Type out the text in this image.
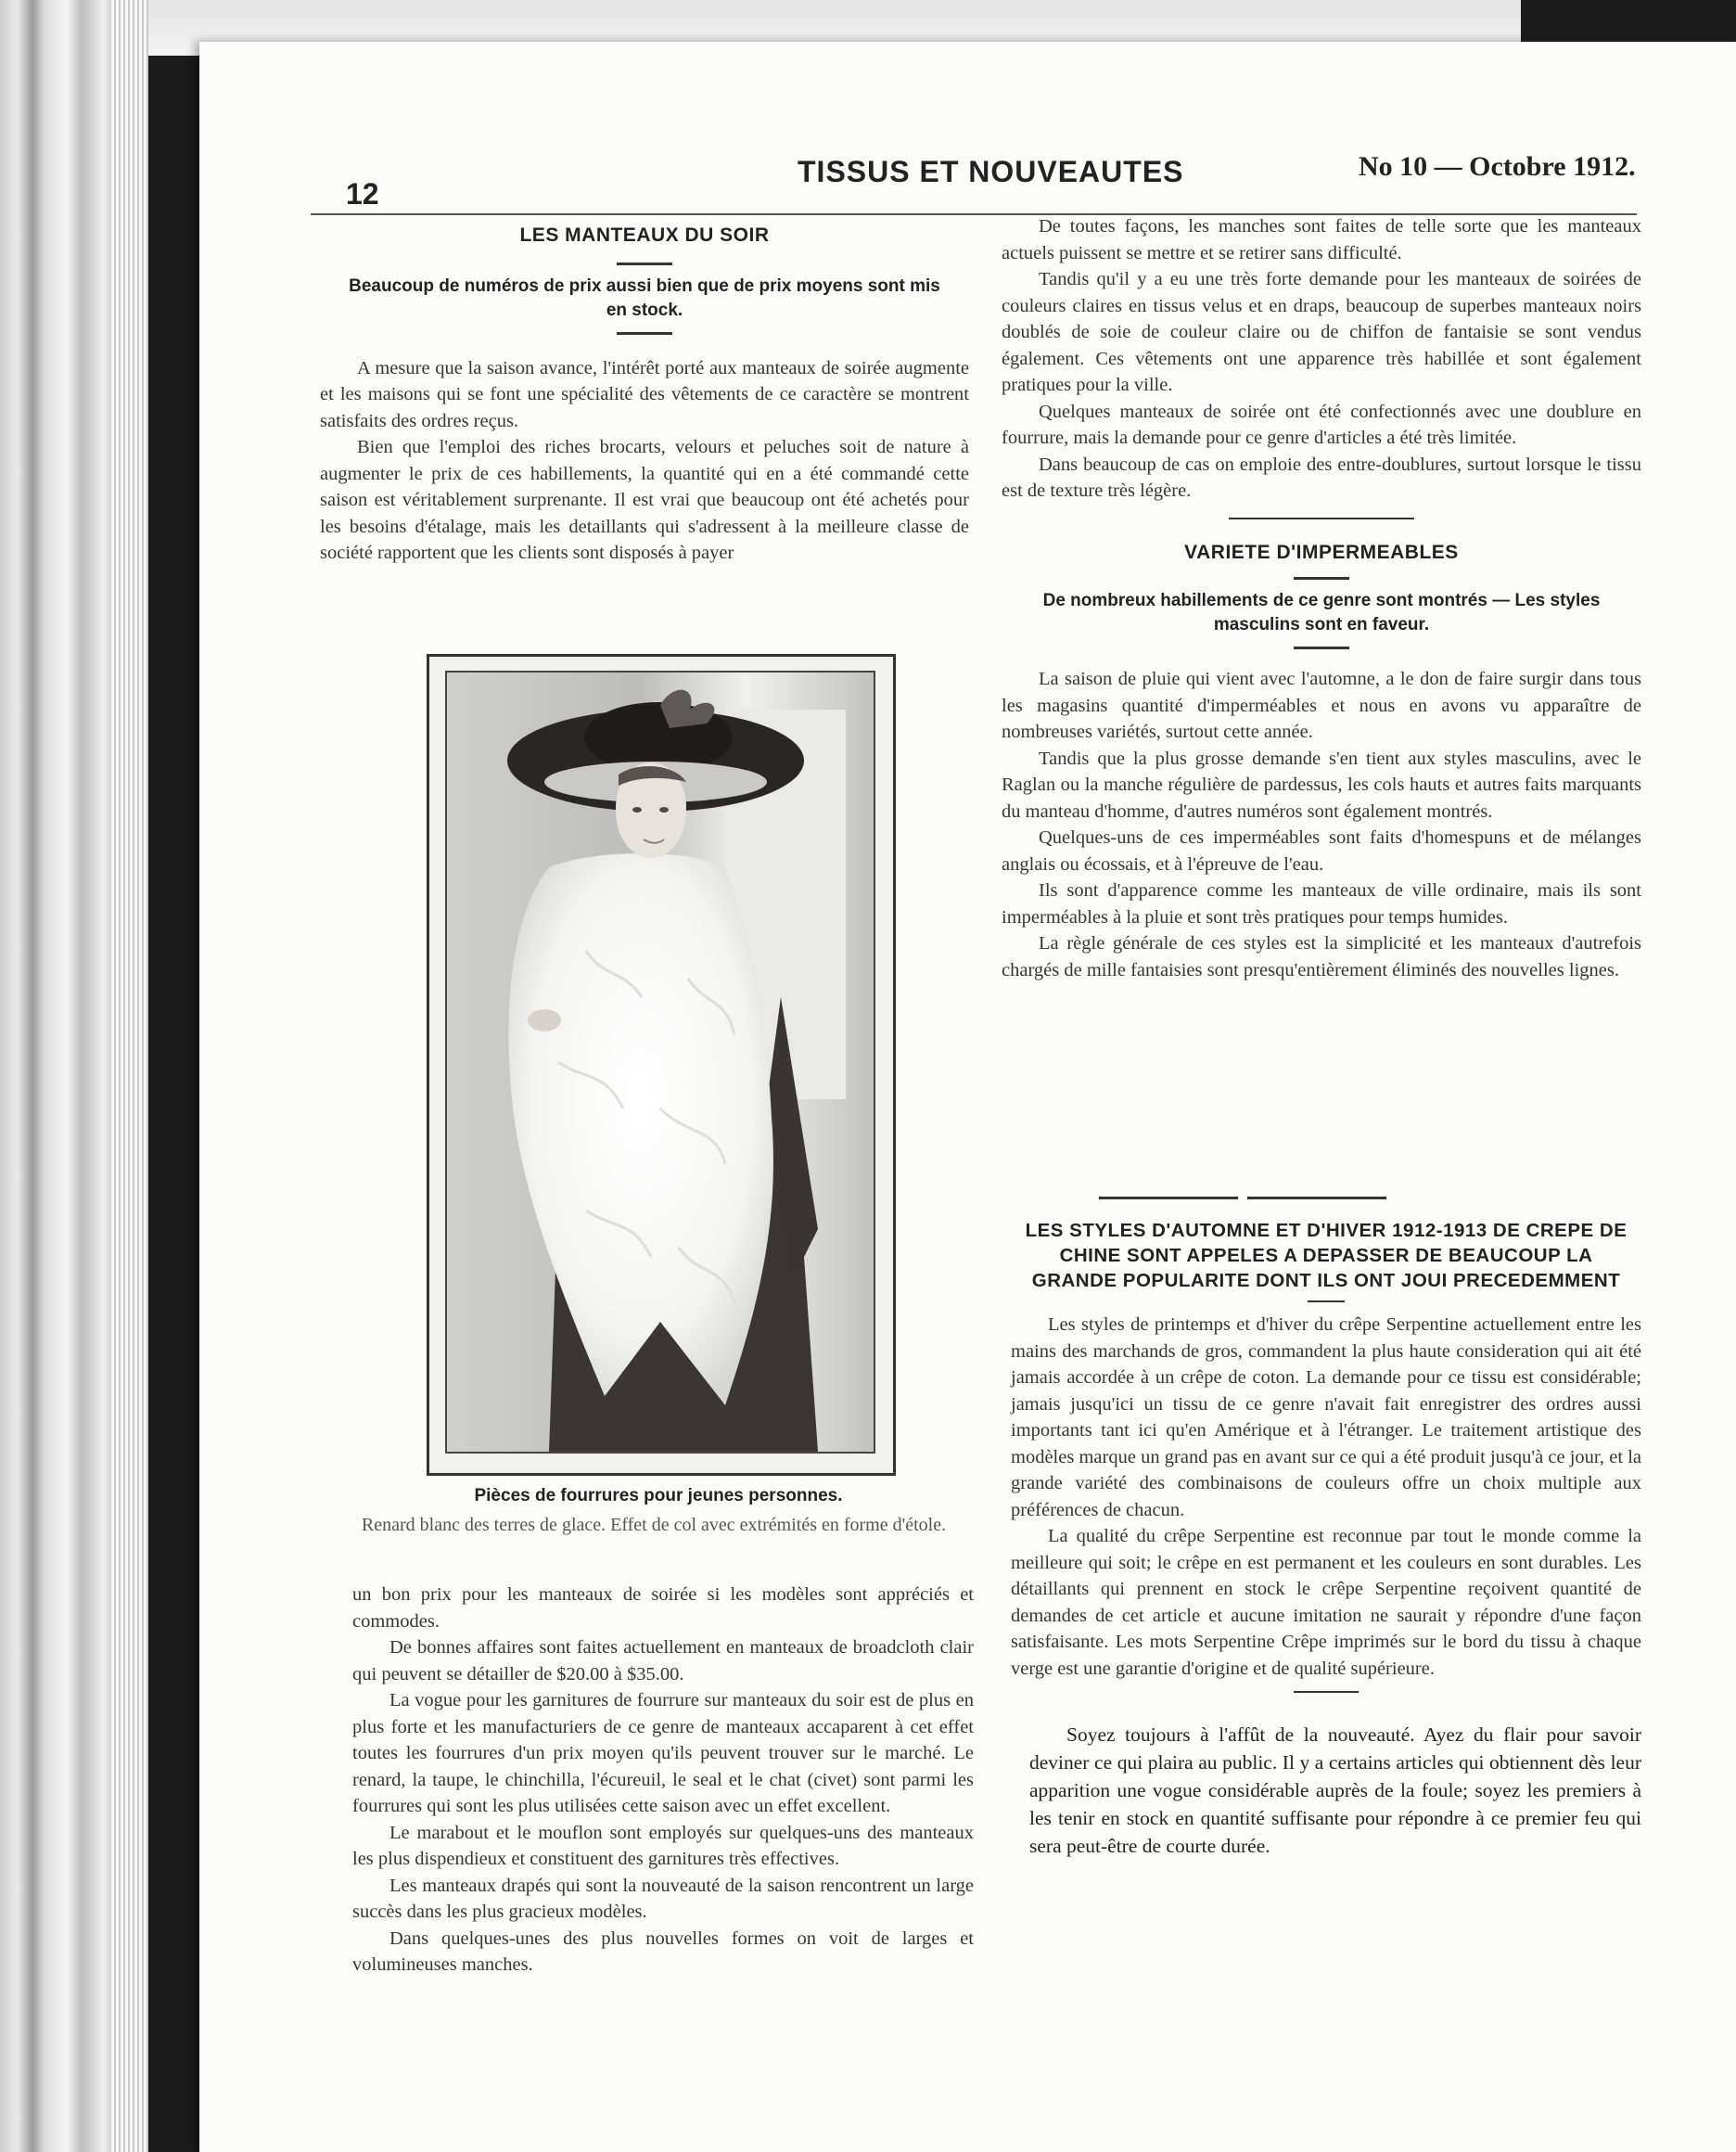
12
TISSUS ET NOUVEAUTES	No 10 — Octobre 1912.
LES MANTEAUX DU SOIR
Beaucoup de numéros de prix aussi bien que de prix moyens sont mis en stock.

A mesure que la saison avance, l'intérêt porté aux manteaux de soirée augmente et les maisons qui se font une spécialité des vêtements de ce caractère se montrent satisfaits des ordres reçus.

Bien que l'emploi des riches brocarts, velours et peluches soit de nature à augmenter le prix de ces habillements, la quantité qui en a été commandé cette saison est véritablement surprenante. Il est vrai que beaucoup ont été achetés pour les besoins d'étalage, mais les detaillants qui s'adressent à la meilleure classe de société rapportent que les clients sont disposés à payer

Pièces de fourrures pour jeunes personnes.
Renard blanc des terres de glace. Effet de col avec extrémités en forme d'étole.

un bon prix pour les manteaux de soirée si les modèles sont appréciés et commodes.

De bonnes affaires sont faites actuellement en manteaux de broadcloth clair qui peuvent se détailler de $20.00 à $35.00.

La vogue pour les garnitures de fourrure sur manteaux du soir est de plus en plus forte et les manufacturiers de ce genre de manteaux accaparent à cet effet toutes les fourrures d'un prix moyen qu'ils peuvent trouver sur le marché. Le renard, la taupe, le chinchilla, l'écureuil, le seal et le chat (civet) sont parmi les fourrures qui sont les plus utilisées cette saison avec un effet excellent.

Le marabout et le mouflon sont employés sur quelques-uns des manteaux les plus dispendieux et constituent des garnitures très effectives.

Les manteaux drapés qui sont la nouveauté de la saison rencontrent un large succès dans les plus gracieux modèles.

Dans quelques-unes des plus nouvelles formes on voit de larges et volumineuses manches.

De toutes façons, les manches sont faites de telle sorte que les manteaux actuels puissent se mettre et se retirer sans difficulté.

Tandis qu'il y a eu une très forte demande pour les manteaux de soirées de couleurs claires en tissus velus et en draps, beaucoup de superbes manteaux noirs doublés de soie de couleur claire ou de chiffon de fantaisie se sont vendus également. Ces vêtements ont une apparence très habillée et sont également pratiques pour la ville.

Quelques manteaux de soirée ont été confectionnés avec une doublure en fourrure, mais la demande pour ce genre d'articles a été très limitée.

Dans beaucoup de cas on emploie des entre-doublures, surtout lorsque le tissu est de texture très légère.

VARIETE D'IMPERMEABLES
De nombreux habillements de ce genre sont montrés — Les styles masculins sont en faveur.

La saison de pluie qui vient avec l'automne, a le don de faire surgir dans tous les magasins quantité d'imperméables et nous en avons vu apparaître de nombreuses variétés, surtout cette année.

Tandis que la plus grosse demande s'en tient aux styles masculins, avec le Raglan ou la manche régulière de pardessus, les cols hauts et autres faits marquants du manteau d'homme, d'autres numéros sont également montrés.

Quelques-uns de ces imperméables sont faits d'homespuns et de mélanges anglais ou écossais, et à l'épreuve de l'eau.

Ils sont d'apparence comme les manteaux de ville ordinaire, mais ils sont imperméables à la pluie et sont très pratiques pour temps humides.

La règle générale de ces styles est la simplicité et les manteaux d'autrefois chargés de mille fantaisies sont presqu'entièrement éliminés des nouvelles lignes.

LES STYLES D'AUTOMNE ET D'HIVER 1912-1913 DE CREPE DE CHINE SONT APPELES A DEPASSER DE BEAUCOUP LA GRANDE POPULARITE DONT ILS ONT JOUI PRECEDEMMENT

Les styles de printemps et d'hiver du crêpe Serpentine actuellement entre les mains des marchands de gros, commandent la plus haute consideration qui ait été jamais accordée à un crêpe de coton. La demande pour ce tissu est considérable; jamais jusqu'ici un tissu de ce genre n'avait fait enregistrer des ordres aussi importants tant ici qu'en Amérique et à l'étranger. Le traitement artistique des modèles marque un grand pas en avant sur ce qui a été produit jusqu'à ce jour, et la grande variété des combinaisons de couleurs offre un choix multiple aux préférences de chacun.

La qualité du crêpe Serpentine est reconnue par tout le monde comme la meilleure qui soit; le crêpe en est permanent et les couleurs en sont durables. Les détaillants qui prennent en stock le crêpe Serpentine reçoivent quantité de demandes de cet article et aucune imitation ne saurait y répondre d'une façon satisfaisante. Les mots Serpentine Crêpe imprimés sur le bord du tissu à chaque verge est une garantie d'origine et de qualité supérieure.

Soyez toujours à l'affût de la nouveauté. Ayez du flair pour savoir deviner ce qui plaira au public. Il y a certains articles qui obtiennent dès leur apparition une vogue considérable auprès de la foule; soyez les premiers à les tenir en stock en quantité suffisante pour répondre à ce premier feu qui sera peut-être de courte durée.
